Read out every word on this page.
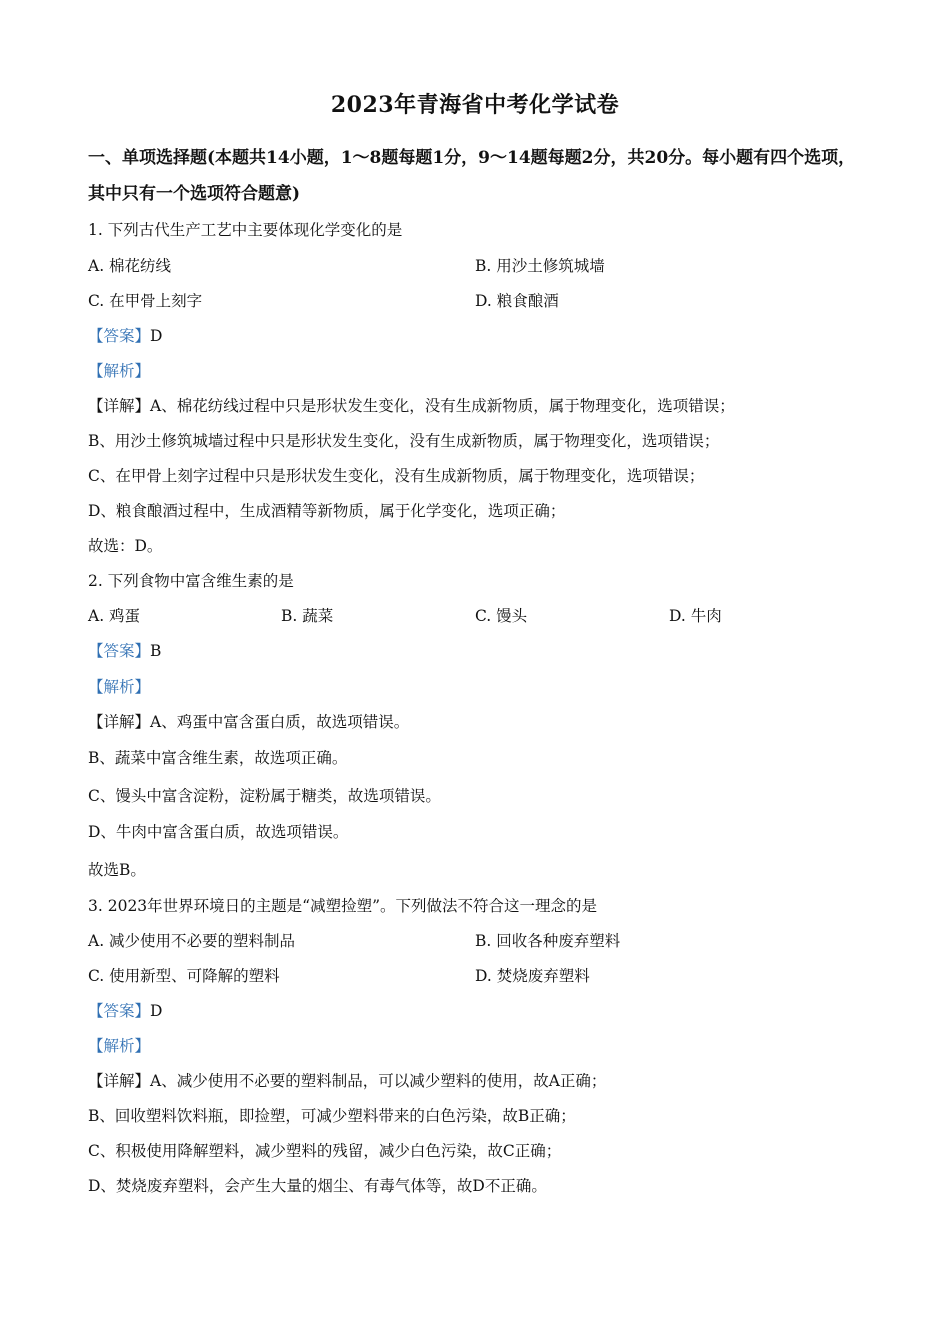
2023年青海省中考化学试卷
一、单项选择题(本题共14小题，1～8题每题1分，9～14题每题2分，共20分。每小题有四个选项，其中只有一个选项符合题意)
1. 下列古代生产工艺中主要体现化学变化的是
A. 棉花纺线	B. 用沙土修筑城墙
C. 在甲骨上刻字	D. 粮食酿酒
【答案】D
【解析】
【详解】A、棉花纺线过程中只是形状发生变化，没有生成新物质，属于物理变化，选项错误；
B、用沙土修筑城墙过程中只是形状发生变化，没有生成新物质，属于物理变化，选项错误；
C、在甲骨上刻字过程中只是形状发生变化，没有生成新物质，属于物理变化，选项错误；
D、粮食酿酒过程中，生成酒精等新物质，属于化学变化，选项正确；
故选：D。
2. 下列食物中富含维生素的是
A. 鸡蛋	B. 蔬菜	C. 馒头	D. 牛肉
【答案】B
【解析】
【详解】A、鸡蛋中富含蛋白质，故选项错误。
B、蔬菜中富含维生素，故选项正确。
C、馒头中富含淀粉，淀粉属于糖类，故选项错误。
D、牛肉中富含蛋白质，故选项错误。
故选B。
3. 2023年世界环境日的主题是“减塑捡塑”。下列做法不符合这一理念的是
A. 减少使用不必要的塑料制品	B. 回收各种废弃塑料
C. 使用新型、可降解的塑料	D. 焚烧废弃塑料
【答案】D
【解析】
【详解】A、减少使用不必要的塑料制品，可以减少塑料的使用，故A正确；
B、回收塑料饮料瓶，即捡塑，可减少塑料带来的白色污染，故B正确；
C、积极使用降解塑料，减少塑料的残留，减少白色污染，故C正确；
D、焚烧废弃塑料，会产生大量的烟尘、有毒气体等，故D不正确。
